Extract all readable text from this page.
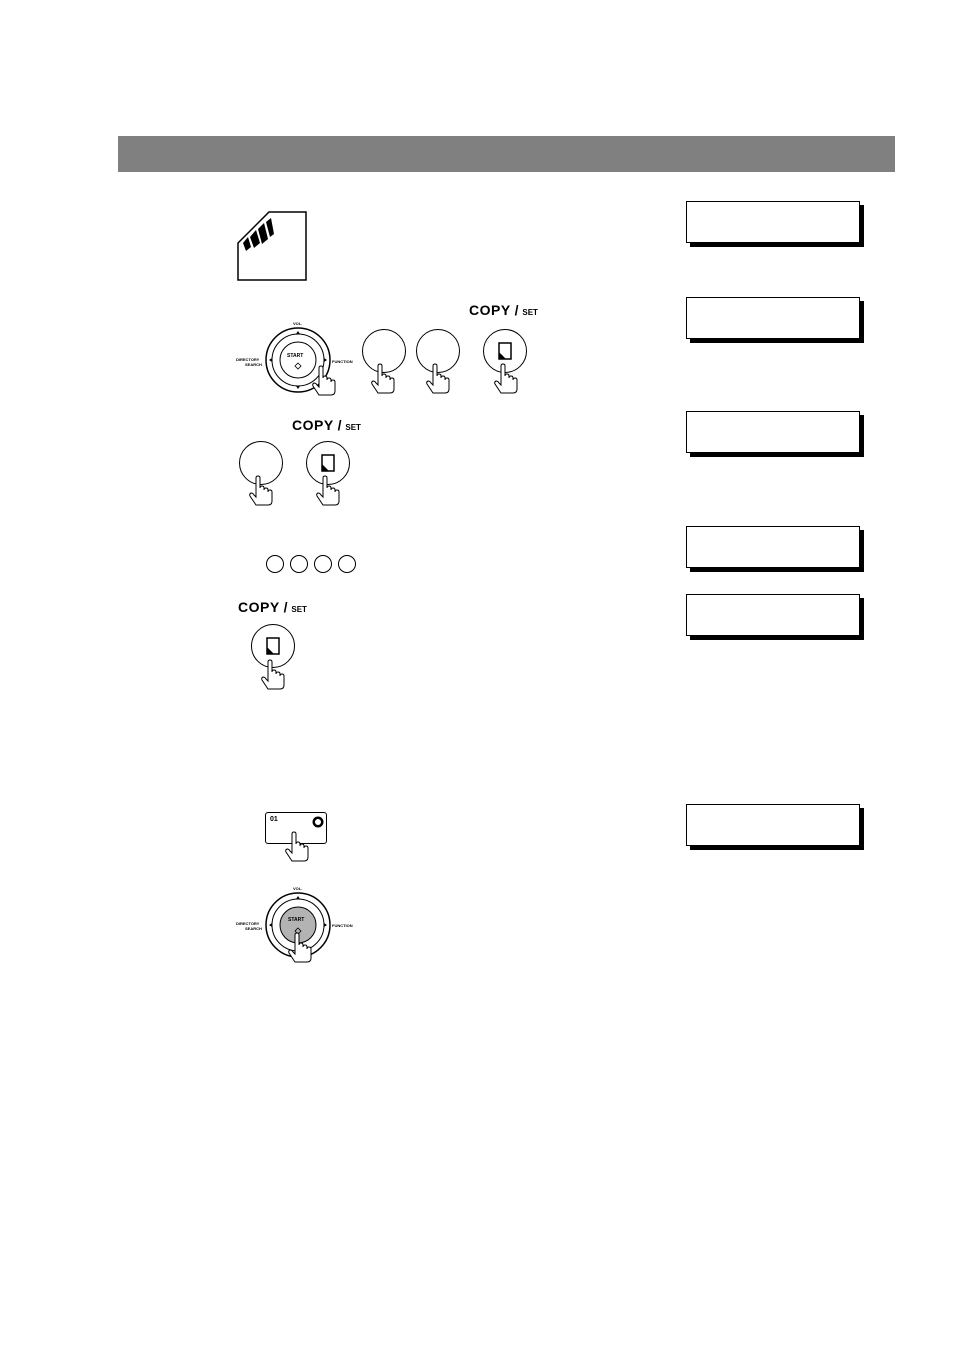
START
VOL.
DIRECTORY
SEARCH
FUNCTION
COPY / SET
COPY / SET
COPY / SET
01
START
VOL.
DIRECTORY
SEARCH
FUNCTION
